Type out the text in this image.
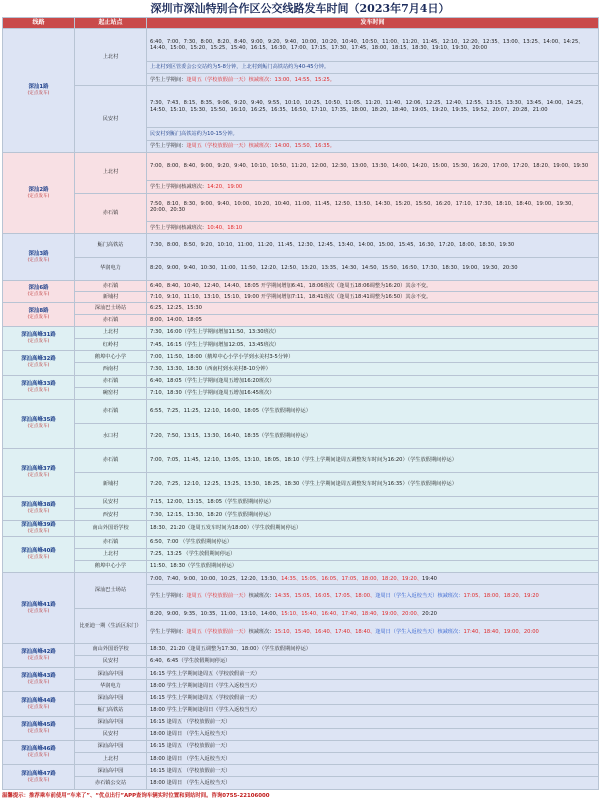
深圳市深汕特别合作区公交线路发车时间（2023年7月4日）
线路	起止站点	发车时间
深汕1路
(定点发车)	上北村	6:40、7:00、7:30、8:00、8:20、8:40、9:00、9:20、9:40、10:00、10:20、10:40、10:50、11:00、11:20、11:45、12:10、12:20、12:35、13:00、13:25、14:00、14:25、14:40、15:00、15:20、15:25、15:40、16:15、16:30、17:00、17:15、17:30、17:45、18:00、18:15、18:30、19:10、19:30、20:00
		上北村到区管委会公交站约为5-8分钟，上北村到鮜门高铁站约为40-45分钟。
		学生上学期间：逢周五（学校放假前一天）核减班次：13:00、14:55、15:25。
	民安村	7:30、7:43、8:15、8:35、9:06、9:20、9:40、9:55、10:10、10:25、10:50、11:05、11:20、11:40、12:06、12:25、12:40、12:55、13:15、13:30、13:45、14:00、14:25、14:50、15:10、15:30、15:50、16:10、16:25、16:35、16:50、17:10、17:35、18:00、18:20、18:40、19:05、19:20、19:35、19:52、20:07、20:28、21:00
		民安村到鮜门高铁站约为10-15分钟。
		学生上学期间：逢周五（学校放假前一天）核减班次：14:00、15:50、16:35。
深汕2路
(定点发车)	上北村	7:00、8:00、8:40、9:00、9:20、9:40、10:10、10:50、11:20、12:00、12:30、13:00、13:30、14:00、14:20、15:00、15:30、16:20、17:00、17:20、18:20、19:00、19:30
		学生上学期间核减班次：14:20、19:00
	赤石镇	7:50、8:10、8:30、9:00、9:40、10:00、10:20、10:40、11:00、11:45、12:50、13:50、14:30、15:20、15:50、16:20、17:10、17:30、18:10、18:40、19:00、19:30、20:00、20:30
		学生上学期间核减班次：10:40、18:10
深汕3路
(定点发车)	鮜门高铁站	7:30、8:00、8:50、9:20、10:10、11:00、11:20、11:45、12:30、12:45、13:40、14:00、15:00、15:45、16:30、17:20、18:00、18:30、19:30
	华润电力	8:20、9:00、9:40、10:30、11:00、11:50、12:20、12:50、13:20、13:35、14:30、14:50、15:50、16:50、17:30、18:30、19:00、19:30、20:30
深汕6路
(定点发车)	赤石镇	6:40、8:40、10:40、12:40、14:40、18:05 开学期间增加6:41、18:06班次（逢周五18:06调整为16:20）其余不变。
	新埔村	7:10、9:10、11:10、13:10、15:10、19:00 开学期间增加7:11、18:41班次（逢周五18:41调整为16:50）其余不变。
深汕8路
(定点发车)	深汕巴士场站	6:25、12:25、15:30
	赤石镇	8:00、14:00、18:05
深汕高峰31路
(定点发车)	上北村	7:30、16:00（学生上学期间增加11:50、13:30班次）
	红岭村	7:45、16:15（学生上学期间增加12:05、13:45班次）
深汕高峰32路
(定点发车)	鹅埠中心小学	7:00、11:50、18:00（鹅埠中心小学小学到水美村3-5分钟）
	西南村	7:30、13:30、18:30（西南村到水美村8-10分钟）
深汕高峰33路
(定点发车)	赤石镇	6:40、18:05（学生上学期间逢周五增加16:20班次）
	碗窑村	7:10、18:30（学生上学期间逢周五增加16:45班次）
深汕高峰35路
(定点发车)	赤石镇	6:55、7:25、11:25、12:10、16:00、18:05（学生放假期间停运）
	水口村	7:20、7:50、13:15、13:30、16:40、18:35（学生放假期间停运）
深汕高峰37路
(定点发车)	赤石镇	7:00、7:05、11:45、12:10、13:05、13:10、18:05、18:10（学生上学期间逢周五调整发车时间为16:20）（学生放假期间停运）
	新埔村	7:20、7:25、12:10、12:25、13:25、13:30、18:25、18:30（学生上学期间逢周五调整发车时间为16:35）（学生放假期间停运）
深汕高峰38路
(定点发车)	民安村	7:15、12:00、13:15、18:05（学生放假期间停运）
	西安村	7:30、12:15、13:30、18:20（学生放假期间停运）
深汕高峰39路
(定点发车)	南山外国语学校	18:30、21:20（逢周五发车时间为18:00）（学生放假期间停运）
深汕高峰40路
(定点发车)	赤石镇	6:50、7:00 （学生放假期间停运）
	上北村	7:25、13:25 （学生放假期间停运）
	鹅埠中心小学	11:50、18:30（学生放假期间停运）
深汕高峰41路
(定点发车)	深汕巴士场站	7:00、7:40、9:00、10:00、10:25、12:20、13:30、14:35、15:05、16:05、17:05、18:00、18:20、19:20、19:40
		学生上学期间：逢周五（学校放假前一天）核减班次：14:35、15:05、16:05、17:05、18:00、逢周日（学生入返校当天）核减班次：17:05、18:00、18:20、19:20
	比亚迪一期（生活区东门）	8:20、9:00、9:35、10:35、11:00、13:10、14:00、15:10、15:40、16:40、17:40、18:40、19:00、20:00、20:20
		学生上学期间：逢周五（学校放假前一天）核减班次：15:10、15:40、16:40、17:40、18:40、逢周日（学生入返校当天）核减班次：17:40、18:40、19:00、20:00
深汕高峰42路
(定点发车)	南山外国语学校	18:30、21:20（逢周五调整为17:30、18:00）（学生放假期间停运）
	民安村	6:40、6:45（学生放假期间停运）
深汕高峰43路
(定点发车)	深汕高中园	16:15 学生上学期间逢周五（学校放假前一天）
	华润电力	18:00 学生上学期间逢周日（学生入返校当天）
深汕高峰44路
(定点发车)	深汕高中园	16:15 学生上学期间逢周五（学校放假前一天）
	鮜门高铁站	18:00 学生上学期间逢周日（学生入返校当天）
深汕高峰45路
(定点发车)	深汕高中园	16:15 逢周五 （学校放假前一天）
	民安村	18:00 逢周日 （学生入返校当天）
深汕高峰46路
(定点发车)	深汕高中园	16:15 逢周五 （学校放假前一天）
	上北村	18:00 逢周日 （学生入返校当天）
深汕高峰47路
(定点发车)	深汕高中园	16:15 逢周五 （学校放假前一天）
	赤石镇公交站	18:00 逢周日 （学生入返校当天）
温馨提示：推荐乘车前使用“车来了”、“优点出行”APP查询车辆实时位置和到站时间。咨询0755-22106000
